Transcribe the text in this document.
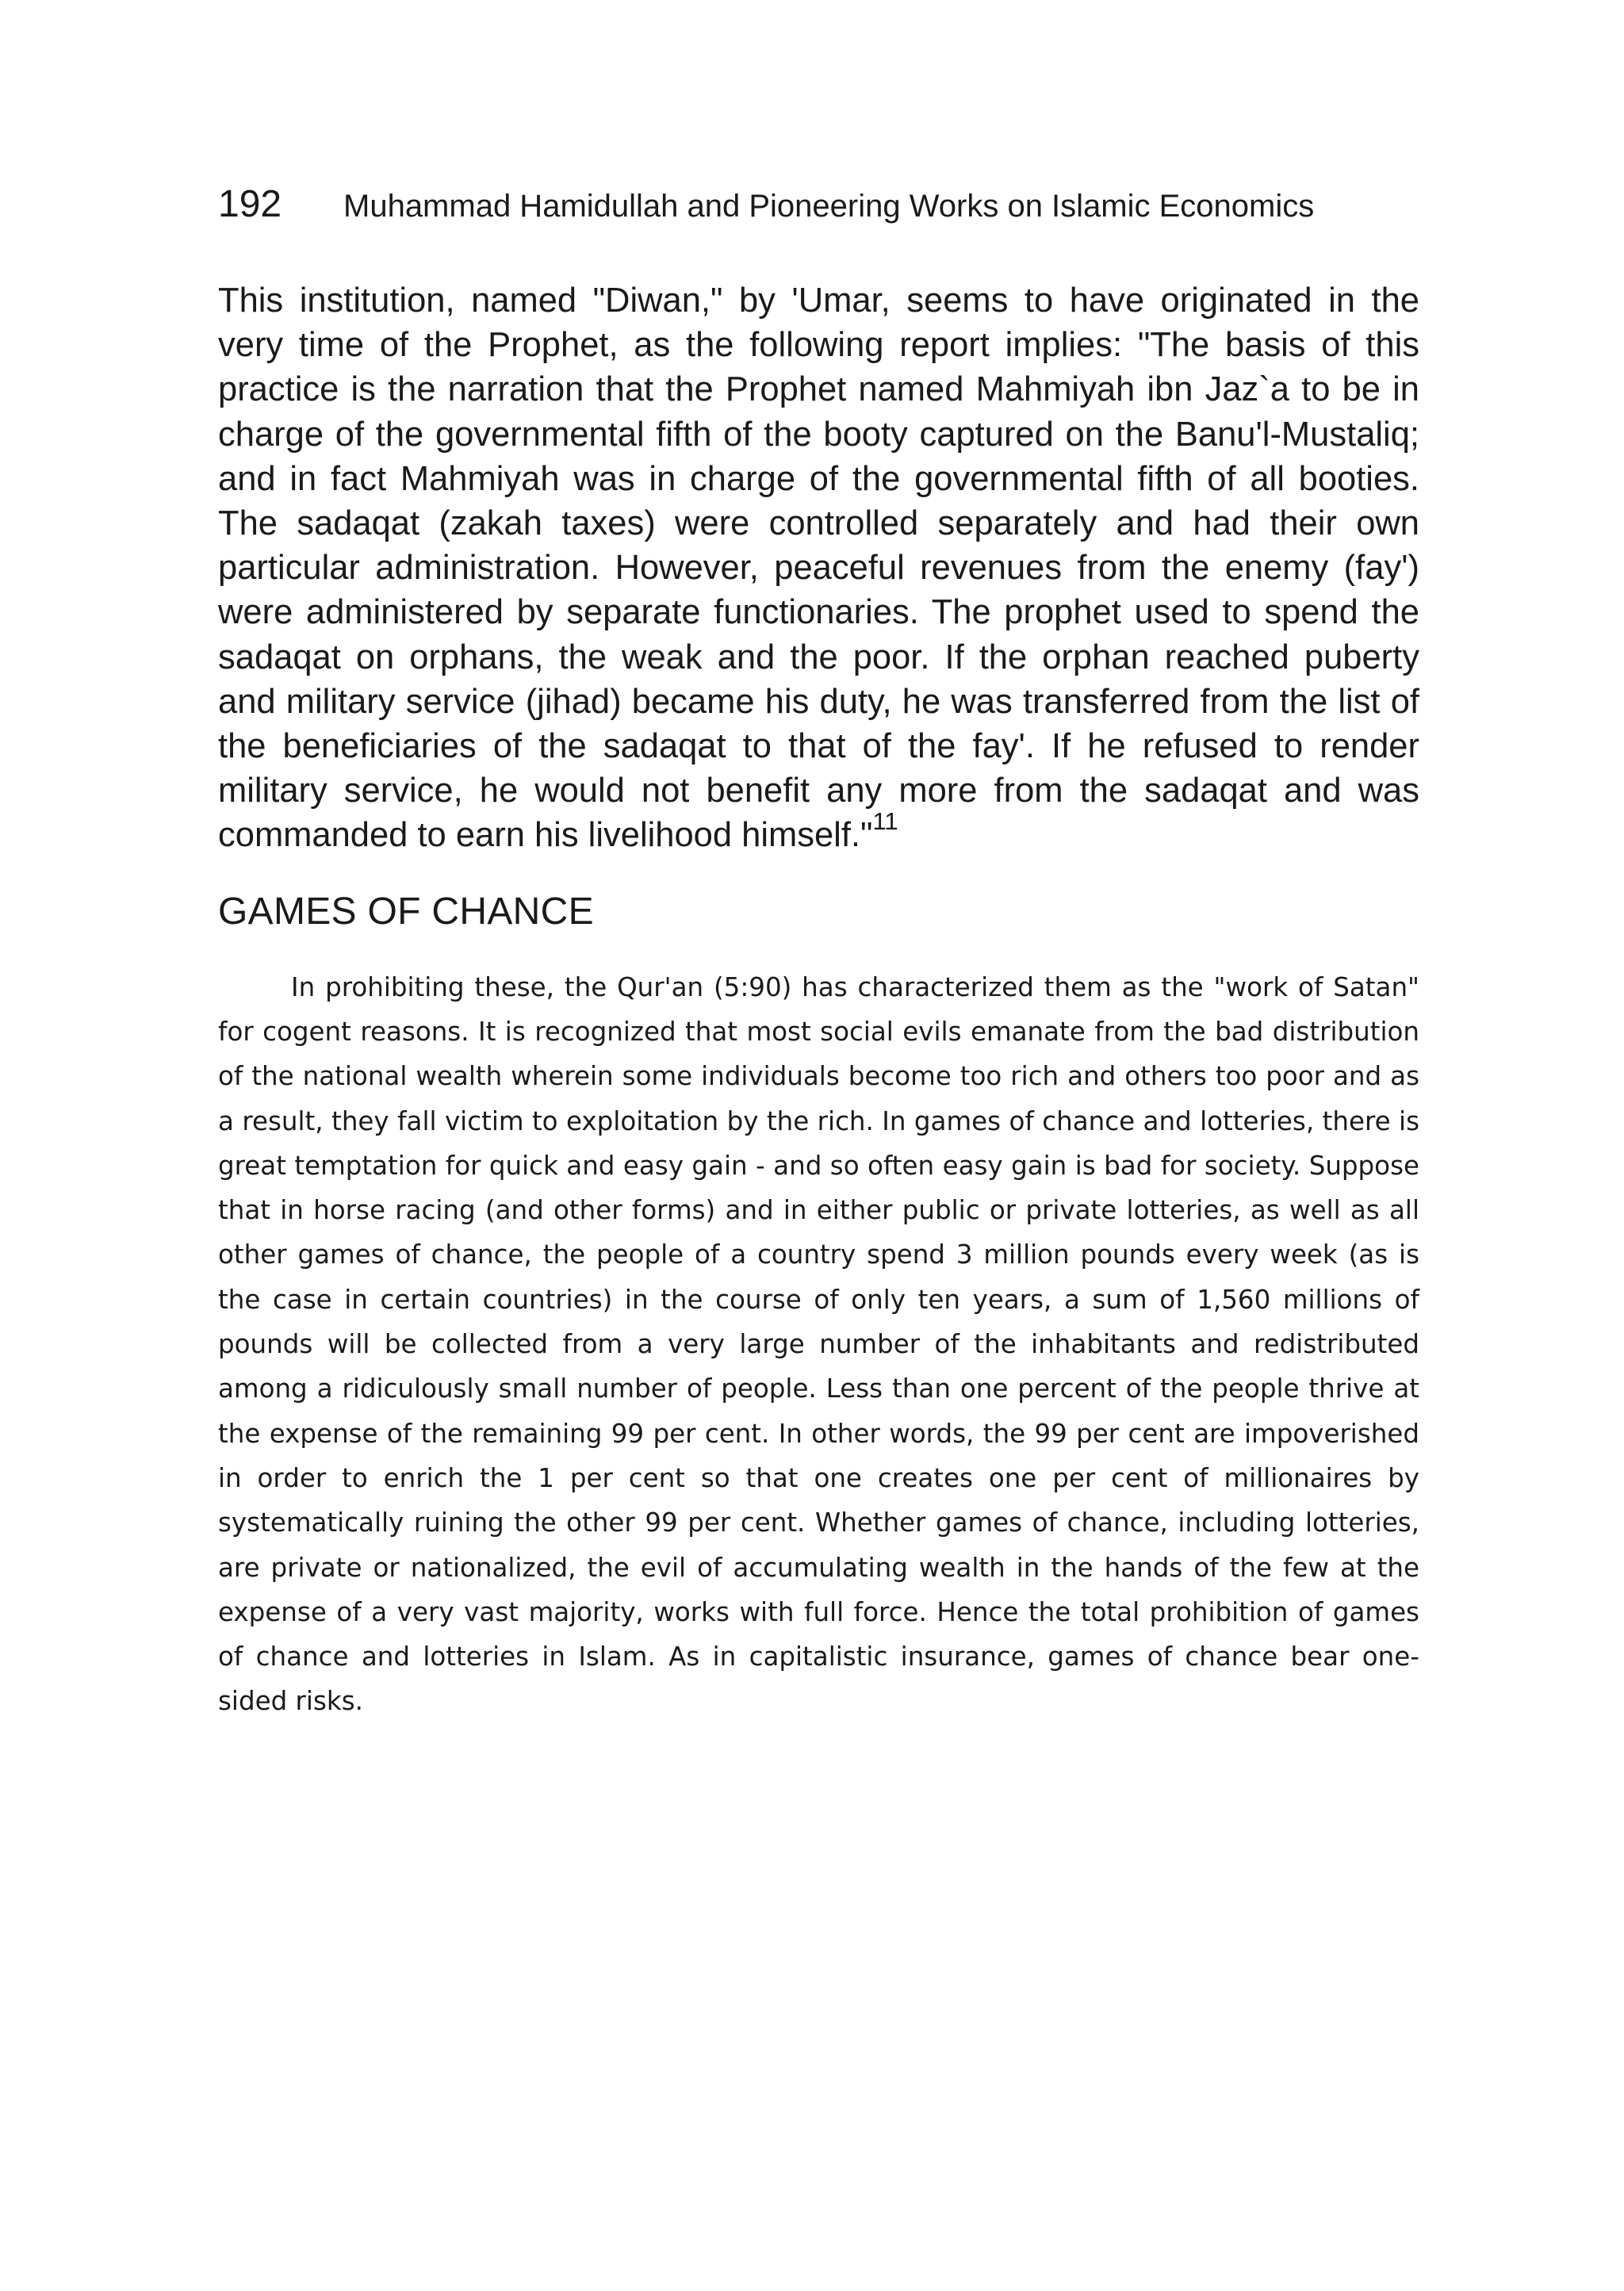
192	Muhammad Hamidullah and Pioneering Works on Islamic Economics

This institution, named "Diwan," by 'Umar, seems to have originated in the very time of the Prophet, as the following report implies: "The basis of this practice is the narration that the Prophet named Mahmiyah ibn Jaz`a to be in charge of the governmental fifth of the booty captured on the Banu'l-Mustaliq; and in fact Mahmiyah was in charge of the governmental fifth of all booties. The sadaqat (zakah taxes) were controlled separately and had their own particular administration. However, peaceful revenues from the enemy (fay') were administered by separate functionaries. The prophet used to spend the sadaqat on orphans, the weak and the poor. If the orphan reached puberty and military service (jihad) became his duty, he was transferred from the list of the beneficiaries of the sadaqat to that of the fay'. If he refused to render military service, he would not benefit any more from the sadaqat and was commanded to earn his livelihood himself."$^{11}$

GAMES OF CHANCE

In prohibiting these, the Qur'an (5:90) has characterized them as the "work of Satan" for cogent reasons. It is recognized that most social evils emanate from the bad distribution of the national wealth wherein some individuals become too rich and others too poor and as a result, they fall victim to exploitation by the rich. In games of chance and lotteries, there is great temptation for quick and easy gain - and so often easy gain is bad for society. Suppose that in horse racing (and other forms) and in either public or private lotteries, as well as all other games of chance, the people of a country spend 3 million pounds every week (as is the case in certain countries) in the course of only ten years, a sum of 1,560 millions of pounds will be collected from a very large number of the inhabitants and redistributed among a ridiculously small number of people. Less than one percent of the people thrive at the expense of the remaining 99 per cent. In other words, the 99 per cent are impoverished in order to enrich the 1 per cent so that one creates one per cent of millionaires by systematically ruining the other 99 per cent. Whether games of chance, including lotteries, are private or nationalized, the evil of accumulating wealth in the hands of the few at the expense of a very vast majority, works with full force. Hence the total prohibition of games of chance and lotteries in Islam. As in capitalistic insurance, games of chance bear one-sided risks.
